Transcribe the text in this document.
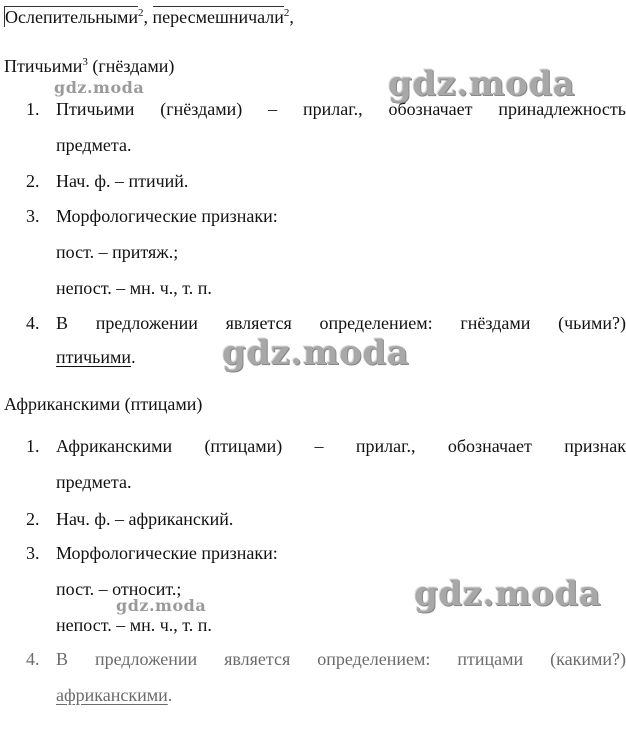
Ослепительными$^2$, пересмешничали$^2$,
Птичьими$^3$ (гнёздами)
1. Птичьими (гнёздами) – прилаг., обозначает принадлежность
предмета.
2. Нач. ф. – птичий.
3. Морфологические признаки:
пост. – притяж.;
непост. – мн. ч., т. п.
4. В предложении является определением: гнёздами (чьими?)
птичьими.
Африканскими (птицами)
1. Африканскими (птицами) – прилаг., обозначает признак
предмета.
2. Нач. ф. – африканский.
3. Морфологические признаки:
пост. – относит.;
непост. – мн. ч., т. п.
4. В предложении является определением: птицами (какими?)
африканскими.
gdz.moda
gdz.moda
gdz.moda
gdz.moda
gdz.moda
